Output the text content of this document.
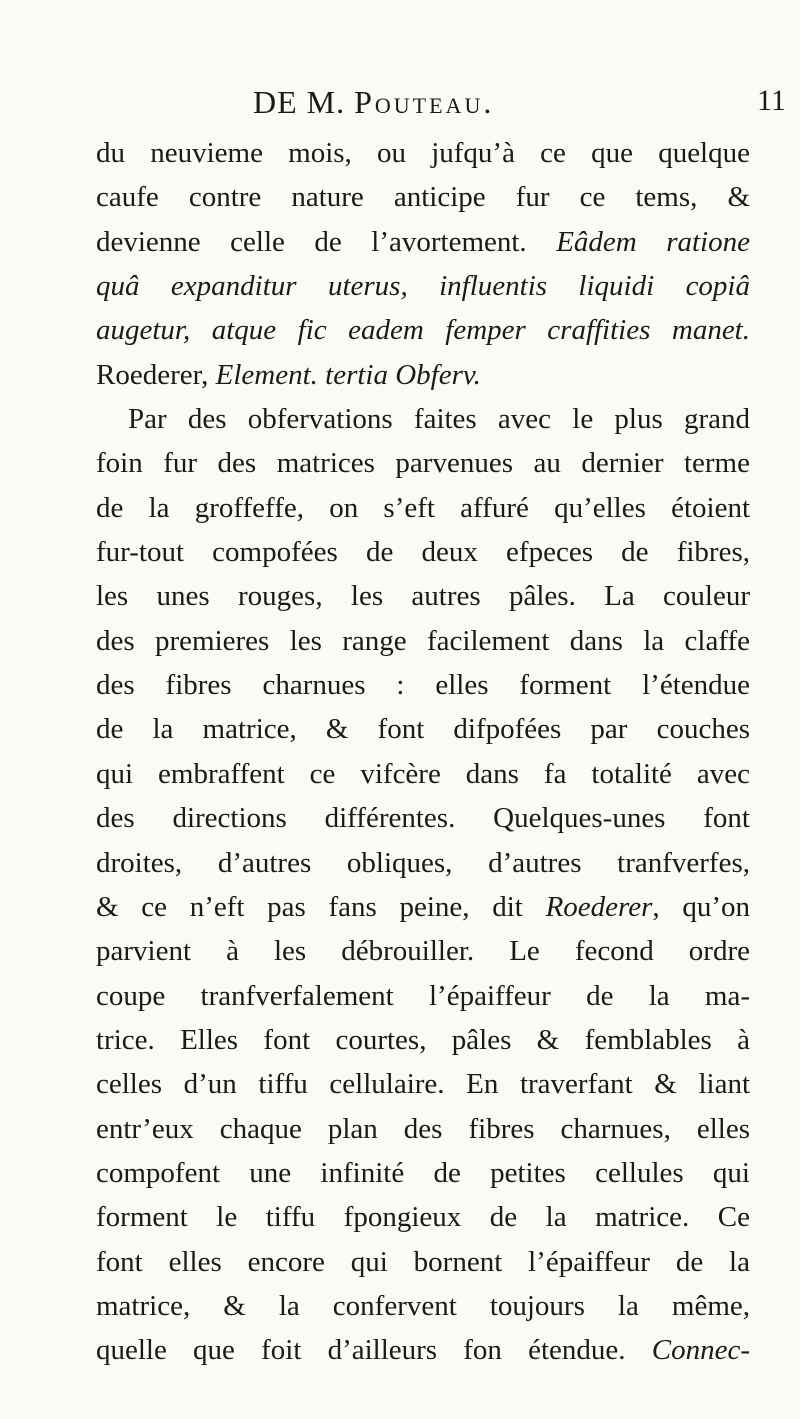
DE M. Pouteau.	11
du neuvieme mois, ou jufqu’à ce que quelque
caufe contre nature anticipe fur ce tems, &
devienne celle de l’avortement. Eâdem ratione
quâ expanditur uterus, influentis liquidi copiâ
augetur, atque fic eadem femper craffities manet.
Roederer, Element. tertia Obferv.
Par des obfervations faites avec le plus grand
foin fur des matrices parvenues au dernier terme
de la groffeffe, on s’eft affuré qu’elles étoient
fur-tout compofées de deux efpeces de fibres,
les unes rouges, les autres pâles. La couleur
des premieres les range facilement dans la claffe
des fibres charnues : elles forment l’étendue
de la matrice, & font difpofées par couches
qui embraffent ce vifcère dans fa totalité avec
des directions différentes. Quelques-unes font
droites, d’autres obliques, d’autres tranfverfes,
& ce n’eft pas fans peine, dit Roederer, qu’on
parvient à les débrouiller. Le fecond ordre
coupe tranfverfalement l’épaiffeur de la ma-
trice. Elles font courtes, pâles & femblables à
celles d’un tiffu cellulaire. En traverfant & liant
entr’eux chaque plan des fibres charnues, elles
compofent une infinité de petites cellules qui
forment le tiffu fpongieux de la matrice. Ce
font elles encore qui bornent l’épaiffeur de la
matrice, & la confervent toujours la même,
quelle que foit d’ailleurs fon étendue. Connec-
